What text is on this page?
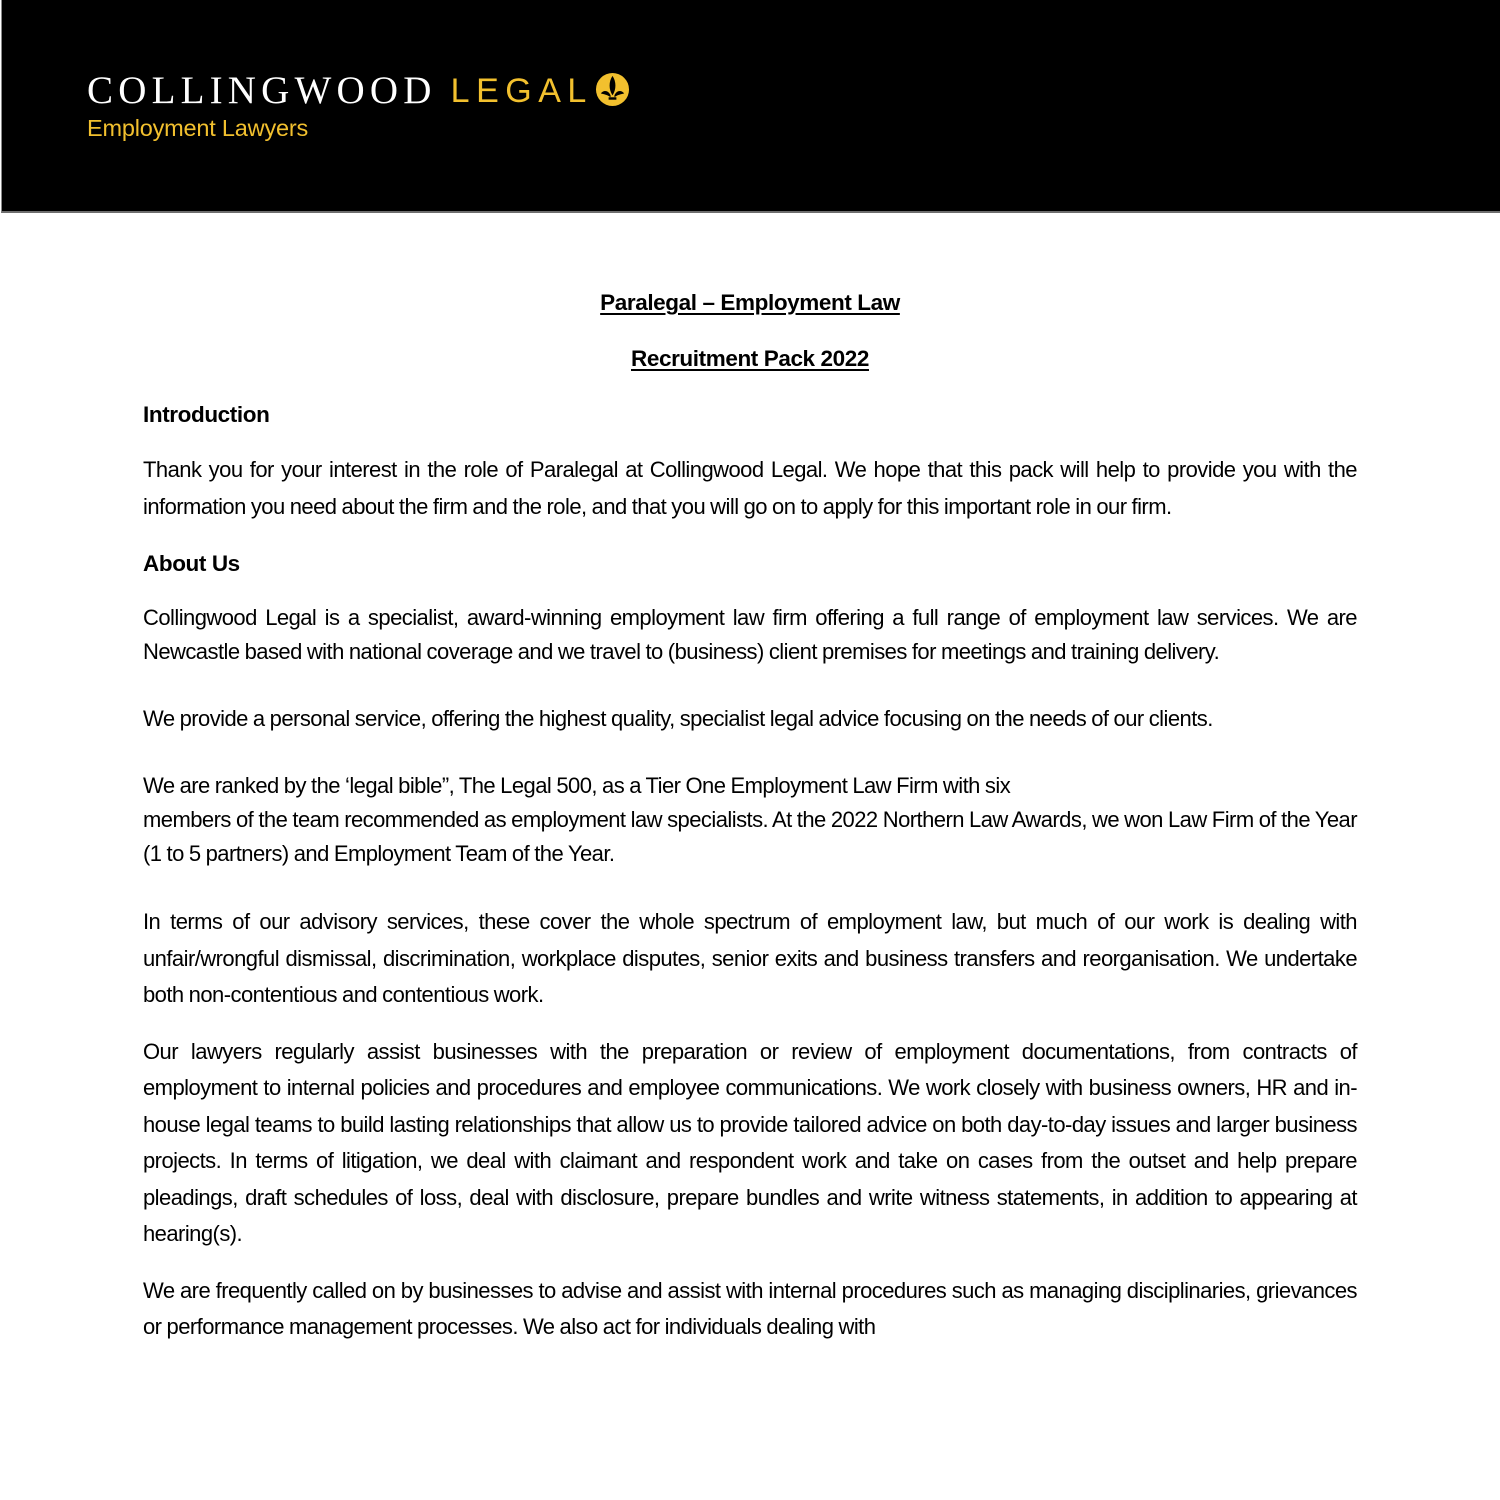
COLLINGWOOD LEGAL
Employment Lawyers
Paralegal – Employment Law
Recruitment Pack 2022
Introduction

Thank you for your interest in the role of Paralegal at Collingwood Legal. We hope that this pack will help to provide you with the information you need about the firm and the role, and that you will go on to apply for this important role in our firm.

About Us

Collingwood Legal is a specialist, award-winning employment law firm offering a full range of employment law services. We are Newcastle based with national coverage and we travel to (business) client premises for meetings and training delivery.

We provide a personal service, offering the highest quality, specialist legal advice focusing on the needs of our clients.

We are ranked by the ‘legal bible”, The Legal 500, as a Tier One Employment Law Firm with six

members of the team recommended as employment law specialists. At the 2022 Northern Law Awards, we won Law Firm of the Year (1 to 5 partners) and Employment Team of the Year.

In terms of our advisory services, these cover the whole spectrum of employment law, but much of our work is dealing with unfair/wrongful dismissal, discrimination, workplace disputes, senior exits and business transfers and reorganisation. We undertake both non-contentious and contentious work.

Our lawyers regularly assist businesses with the preparation or review of employment documentations, from contracts of employment to internal policies and procedures and employee communications. We work closely with business owners, HR and in-house legal teams to build lasting relationships that allow us to provide tailored advice on both day-to-day issues and larger business projects. In terms of litigation, we deal with claimant and respondent work and take on cases from the outset and help prepare pleadings, draft schedules of loss, deal with disclosure, prepare bundles and write witness statements, in addition to appearing at hearing(s).

We are frequently called on by businesses to advise and assist with internal procedures such as managing disciplinaries, grievances or performance management processes. We also act for individuals dealing with
